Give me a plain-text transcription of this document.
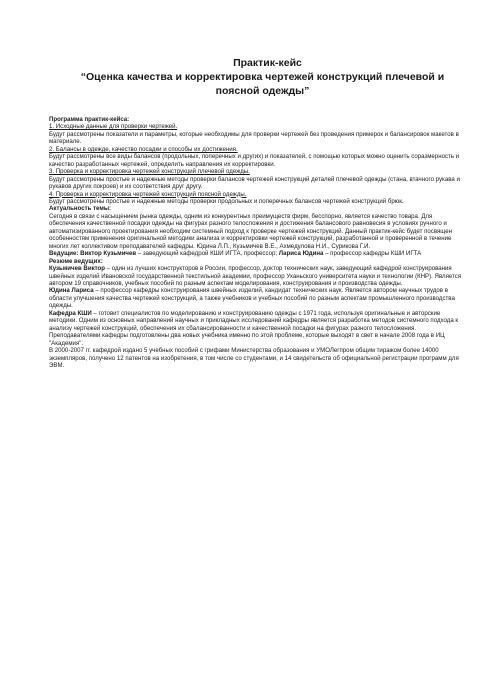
Практик-кейс
“Оценка качества и корректировка чертежей конструкций плечевой и поясной одежды”

Программа практик-кейса:

1. Исходные данные для проверки чертежей.

Будут рассмотрены показатели и параметры, которые необходимы для проверки чертежей без проведения примерок и балансировок макетов в материале.

2. Балансы в одежде, качество посадки и способы их достижения.

Будут рассмотрены все виды балансов (продольных, поперечных и других) и показателей, с помощью которых можно оценить соразмерность и качество разработанных чертежей, определить направления их корректировки.

3. Проверка и корректировка чертежей конструкций плечевой одежды.

Будут рассмотрены простые и надежные методы проверки балансов чертежей конструкций деталей плечевой одежды (стана, втачного рукава и рукавов других покроев) и их соответствия друг другу.

4. Проверка и корректировка чертежей конструкций поясной одежды.

Будут рассмотрены простые и надежные методы проверки продольных и поперечных балансов чертежей конструкций брюк.

Актуальность темы:

Сегодня в связи с насыщением рынка одежды, одним из конкурентных преимуществ фирм, бесспорно, является качество товара. Для обеспечения качественной посадки одежды на фигурах разного телосложения и достижения балансового равновесия в условиях ручного и автоматизированного проектирования необходим системный подход к проверке чертежей конструкций. Данный практик-кейс будет посвящен особенностям применения оригинальной методики анализа и корректировки чертежей конструкций, разработанной и проверенной в течение многих лет коллективом преподавателей кафедры. Юдина Л.П., Кузьмичев В.Е., Ахмедулова Н.И., Сурикова Г.И.

Ведущие: Виктор Кузьмичев – заведующий кафедрой КШИ ИГТА, профессор; Лариса Юдина – профессор кафедры КШИ ИГТА

Резюме ведущих:

Кузьмичев Виктор – один из лучших конструкторов в России, профессор, доктор технических наук, заведующий кафедрой конструирования швейных изделий Ивановской государственной текстильной академии, профессор Уханьского университета науки и технологии (КНР). Является автором 19 справочников, учебных пособий по разным аспектам моделирования, конструирования и производства одежды.

Юдина Лариса – профессор кафедры конструирования швейных изделий, кандидат технических наук. Является автором научных трудов в области улучшения качества чертежей конструкций, а также учебников и учебных пособий по разным аспектам промышленного производства одежды.

Кафедра КШИ – готовит специалистов по моделированию и конструированию одежды с 1971 года, используя оригинальные и авторские методики. Одним из основных направлений научных и прикладных исследований кафедры является разработка методов системного подхода к анализу чертежей конструкций, обеспечения их сбалансированности и качественной посадки на фигурах разного телосложения. Преподавателями кафедры подготовлены два новых учебника именно по этой проблеме, которые выходят в свет в начале 2008 года в ИЦ "Академия".

В 2000-2007 гг. кафедрой издано 5 учебных пособий с грифами Министерства образования и УМОЛегпром общим тиражом более 14000 экземпляров, получено 12 патентов на изобретения, в том числе со студентами, и 14 свидетельств об официальной регистрации программ для ЭВМ.
